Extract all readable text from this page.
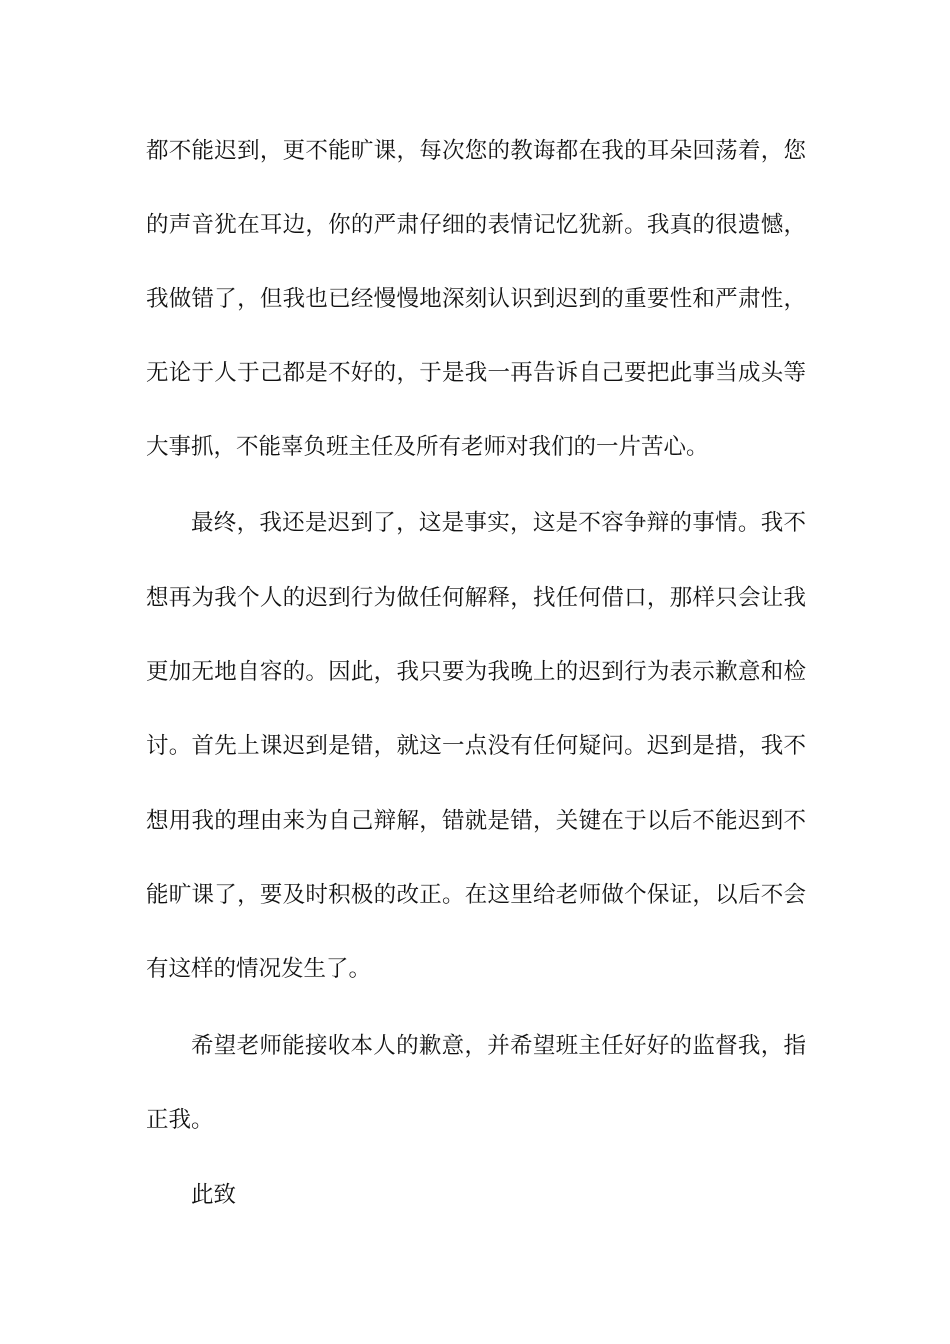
都不能迟到，更不能旷课，每次您的教诲都在我的耳朵回荡着，您
的声音犹在耳边，你的严肃仔细的表情记忆犹新。我真的很遗憾，
我做错了，但我也已经慢慢地深刻认识到迟到的重要性和严肃性，
无论于人于己都是不好的，于是我一再告诉自己要把此事当成头等
大事抓，不能辜负班主任及所有老师对我们的一片苦心。
最终，我还是迟到了，这是事实，这是不容争辩的事情。我不
想再为我个人的迟到行为做任何解释，找任何借口，那样只会让我
更加无地自容的。因此，我只要为我晚上的迟到行为表示歉意和检
讨。首先上课迟到是错，就这一点没有任何疑问。迟到是措，我不
想用我的理由来为自己辩解，错就是错，关键在于以后不能迟到不
能旷课了，要及时积极的改正。在这里给老师做个保证，以后不会
有这样的情况发生了。
希望老师能接收本人的歉意，并希望班主任好好的监督我，指
正我。
此致
